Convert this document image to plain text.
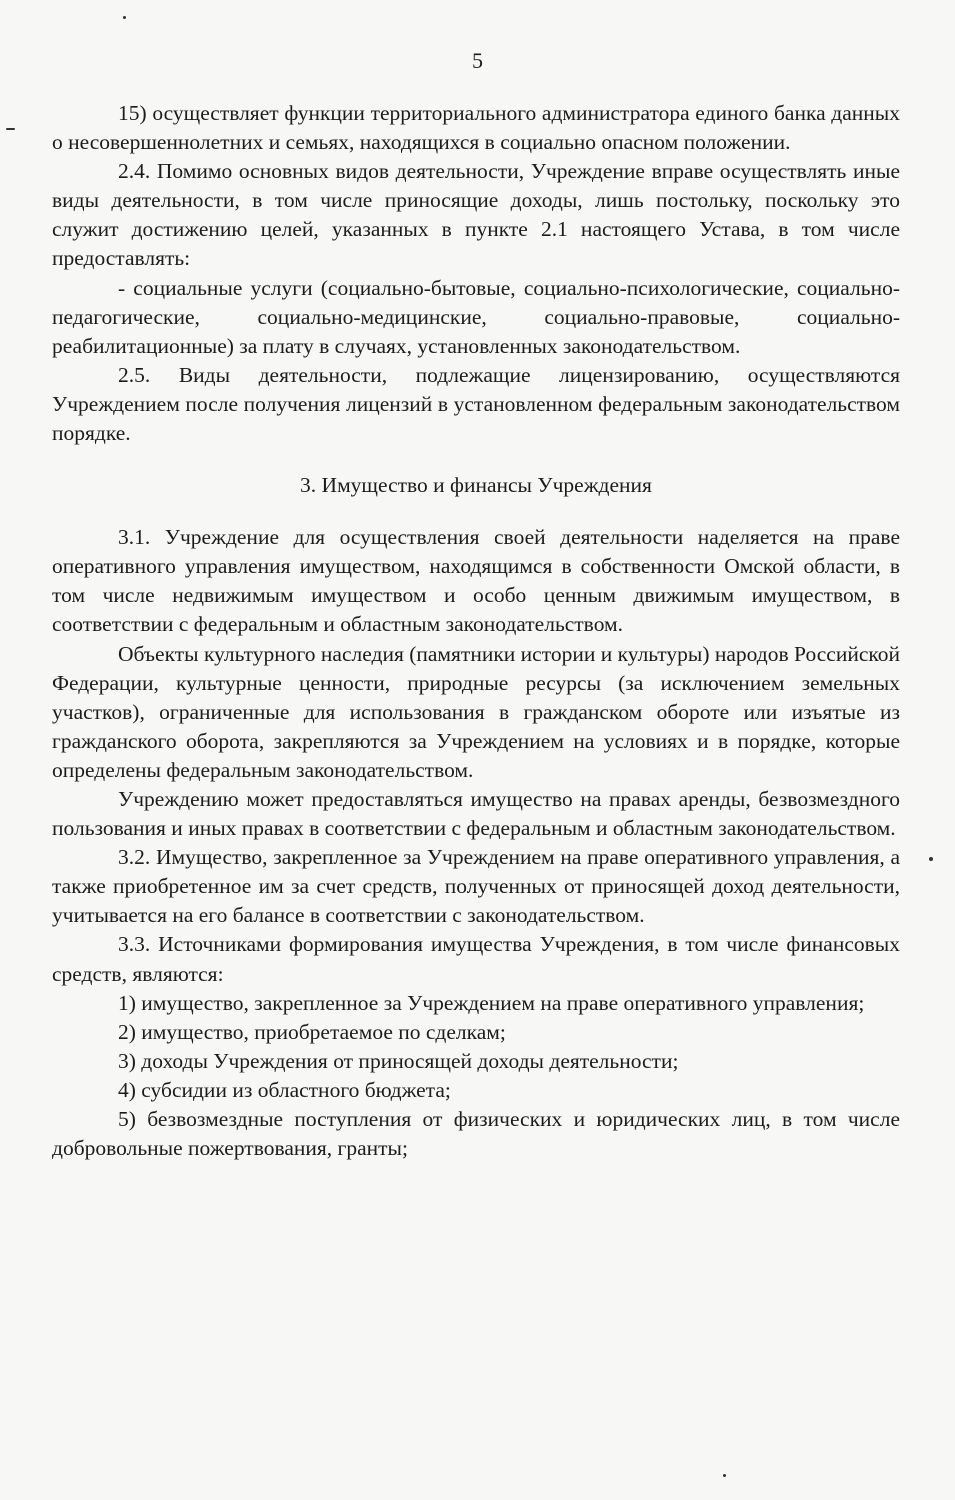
5

15) осуществляет функции территориального администратора единого банка данных о несовершеннолетних и семьях, находящихся в социально опасном положении.

2.4. Помимо основных видов деятельности, Учреждение вправе осуществлять иные виды деятельности, в том числе приносящие доходы, лишь постольку, поскольку это служит достижению целей, указанных в пункте 2.1 настоящего Устава, в том числе предоставлять:

- социальные услуги (социально-бытовые, социально-психологические, социально-педагогические, социально-медицинские, социально-правовые, социально-реабилитационные) за плату в случаях, установленных законодательством.

2.5. Виды деятельности, подлежащие лицензированию, осуществляются Учреждением после получения лицензий в установленном федеральным законодательством порядке.

3. Имущество и финансы Учреждения

3.1. Учреждение для осуществления своей деятельности наделяется на праве оперативного управления имуществом, находящимся в собственности Омской области, в том числе недвижимым имуществом и особо ценным движимым имуществом, в соответствии с федеральным и областным законодательством.

Объекты культурного наследия (памятники истории и культуры) народов Российской Федерации, культурные ценности, природные ресурсы (за исключением земельных участков), ограниченные для использования в гражданском обороте или изъятые из гражданского оборота, закрепляются за Учреждением на условиях и в порядке, которые определены федеральным законодательством.

Учреждению может предоставляться имущество на правах аренды, безвозмездного пользования и иных правах в соответствии с федеральным и областным законодательством.

3.2. Имущество, закрепленное за Учреждением на праве оперативного управления, а также приобретенное им за счет средств, полученных от приносящей доход деятельности, учитывается на его балансе в соответствии с законодательством.

3.3. Источниками формирования имущества Учреждения, в том числе финансовых средств, являются:

1) имущество, закрепленное за Учреждением на праве оперативного управления;

2) имущество, приобретаемое по сделкам;

3) доходы Учреждения от приносящей доходы деятельности;

4) субсидии из областного бюджета;

5) безвозмездные поступления от физических и юридических лиц, в том числе добровольные пожертвования, гранты;
